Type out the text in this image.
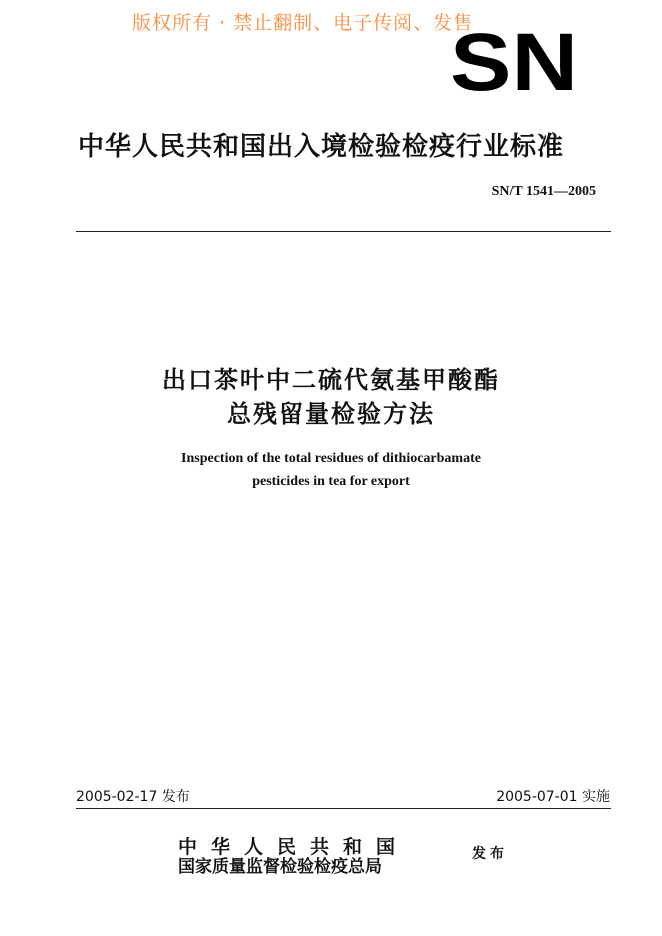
版权所有 · 禁止翻制、电子传阅、发售
SN
中华人民共和国出入境检验检疫行业标准
SN/T 1541—2005
出口茶叶中二硫代氨基甲酸酯
总残留量检验方法
Inspection of the total residues of dithiocarbamate
pesticides in tea for export
2005-02-17 发布	2005-07-01 实施
中华人民共和国
国家质量监督检验检疫总局
发布
